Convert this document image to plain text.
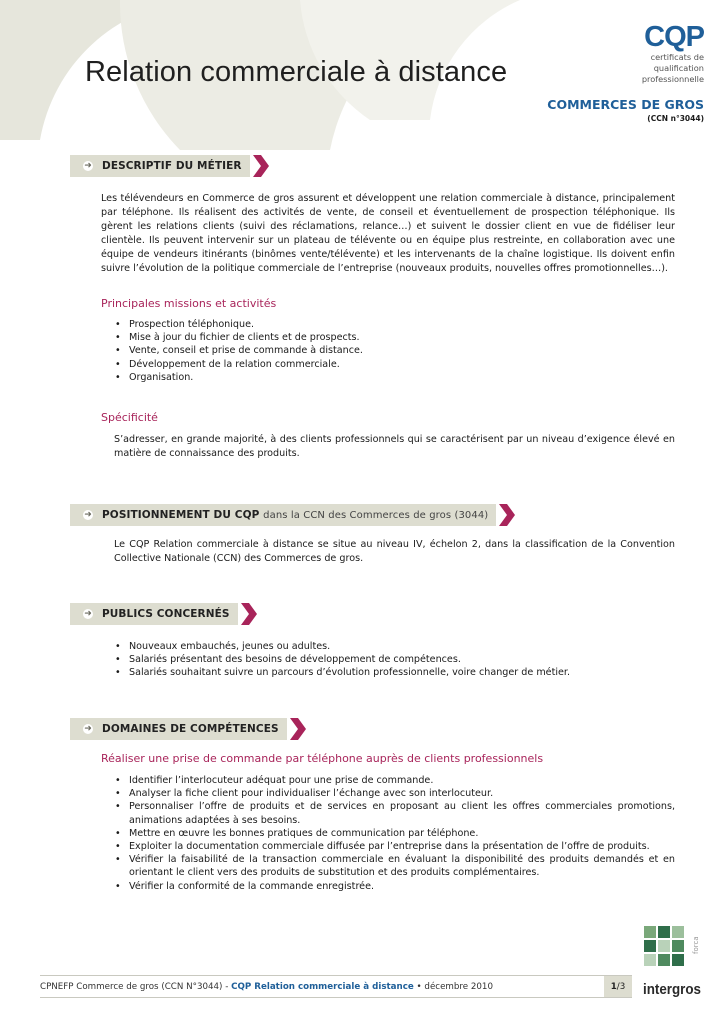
Relation commerciale à distance
CQP
certificats de
qualification
professionnelle
COMMERCES DE GROS
(CCN n°3044)
➜ DESCRIPTIF DU MÉTIER
Les télévendeurs en Commerce de gros assurent et développent une relation commerciale à distance, principalement par téléphone. Ils réalisent des activités de vente, de conseil et éventuellement de prospection téléphonique. Ils gèrent les relations clients (suivi des réclamations, relance…) et suivent le dossier client en vue de fidéliser leur clientèle. Ils peuvent intervenir sur un plateau de télévente ou en équipe plus restreinte, en collaboration avec une équipe de vendeurs itinérants (binômes vente/télévente) et les intervenants de la chaîne logistique. Ils doivent enfin suivre l’évolution de la politique commerciale de l’entreprise (nouveaux produits, nouvelles offres promotionnelles…).
Principales missions et activités
• Prospection téléphonique.
• Mise à jour du fichier de clients et de prospects.
• Vente, conseil et prise de commande à distance.
• Développement de la relation commerciale.
• Organisation.
Spécificité
S’adresser, en grande majorité, à des clients professionnels qui se caractérisent par un niveau d’exigence élevé en matière de connaissance des produits.
➜ POSITIONNEMENT DU CQP dans la CCN des Commerces de gros (3044)
Le CQP Relation commerciale à distance se situe au niveau IV, échelon 2, dans la classification de la Convention Collective Nationale (CCN) des Commerces de gros.
➜ PUBLICS CONCERNÉS
• Nouveaux embauchés, jeunes ou adultes.
• Salariés présentant des besoins de développement de compétences.
• Salariés souhaitant suivre un parcours d’évolution professionnelle, voire changer de métier.
➜ DOMAINES DE COMPÉTENCES
Réaliser une prise de commande par téléphone auprès de clients professionnels
• Identifier l’interlocuteur adéquat pour une prise de commande.
• Analyser la fiche client pour individualiser l’échange avec son interlocuteur.
• Personnaliser l’offre de produits et de services en proposant au client les offres commerciales promotions, animations adaptées à ses besoins.
• Mettre en œuvre les bonnes pratiques de communication par téléphone.
• Exploiter la documentation commerciale diffusée par l’entreprise dans la présentation de l’offre de produits.
• Vérifier la faisabilité de la transaction commerciale en évaluant la disponibilité des produits demandés et en orientant le client vers des produits de substitution et des produits complémentaires.
• Vérifier la conformité de la commande enregistrée.
CPNEFP Commerce de gros (CCN N°3044) - CQP Relation commerciale à distance • décembre 2010	1 /3
forca
intergros
